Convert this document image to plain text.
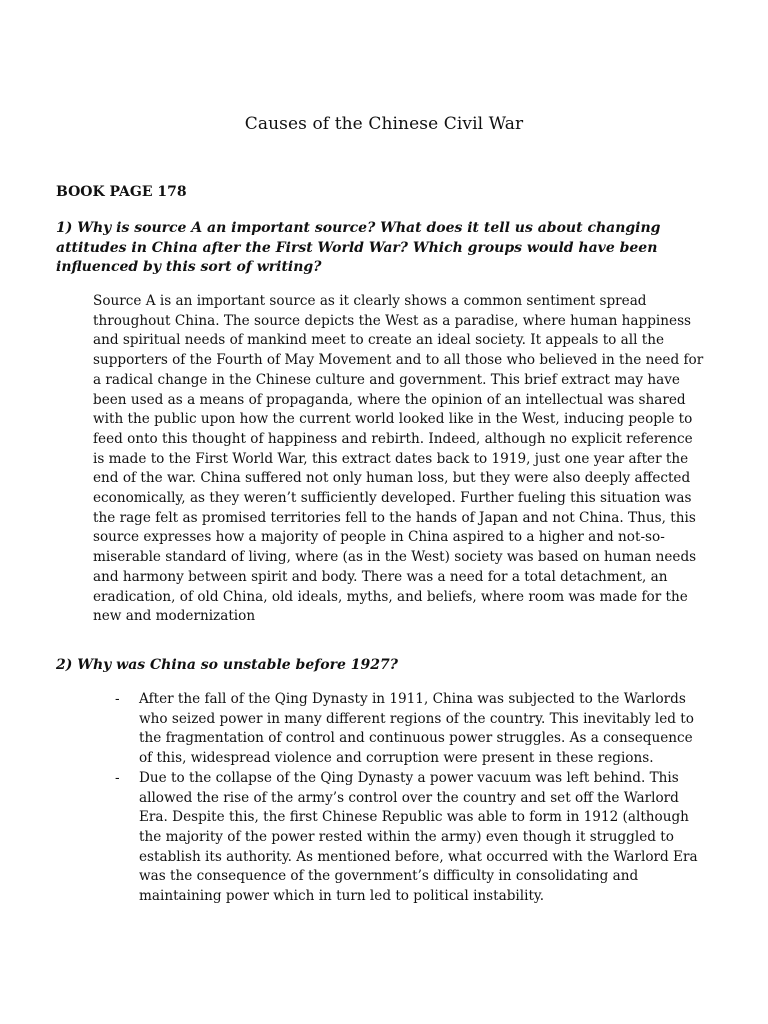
Causes of the Chinese Civil War

BOOK PAGE 178

1) Why is source A an important source? What does it tell us about changing attitudes in China after the First World War? Which groups would have been influenced by this sort of writing?

Source A is an important source as it clearly shows a common sentiment spread throughout China. The source depicts the West as a paradise, where human happiness and spiritual needs of mankind meet to create an ideal society. It appeals to all the supporters of the Fourth of May Movement and to all those who believed in the need for a radical change in the Chinese culture and government. This brief extract may have been used as a means of propaganda, where the opinion of an intellectual was shared with the public upon how the current world looked like in the West, inducing people to feed onto this thought of happiness and rebirth. Indeed, although no explicit reference is made to the First World War, this extract dates back to 1919, just one year after the end of the war. China suffered not only human loss, but they were also deeply affected economically, as they weren’t sufficiently developed. Further fueling this situation was the rage felt as promised territories fell to the hands of Japan and not China. Thus, this source expresses how a majority of people in China aspired to a higher and not-so-miserable standard of living, where (as in the West) society was based on human needs and harmony between spirit and body. There was a need for a total detachment, an eradication, of old China, old ideals, myths, and beliefs, where room was made for the new and modernization

2) Why was China so unstable before 1927?

- After the fall of the Qing Dynasty in 1911, China was subjected to the Warlords who seized power in many different regions of the country. This inevitably led to the fragmentation of control and continuous power struggles. As a consequence of this, widespread violence and corruption were present in these regions.
- Due to the collapse of the Qing Dynasty a power vacuum was left behind. This allowed the rise of the army’s control over the country and set off the Warlord Era. Despite this, the first Chinese Republic was able to form in 1912 (although the majority of the power rested within the army) even though it struggled to establish its authority. As mentioned before, what occurred with the Warlord Era was the consequence of the government’s difficulty in consolidating and maintaining power which in turn led to political instability.
